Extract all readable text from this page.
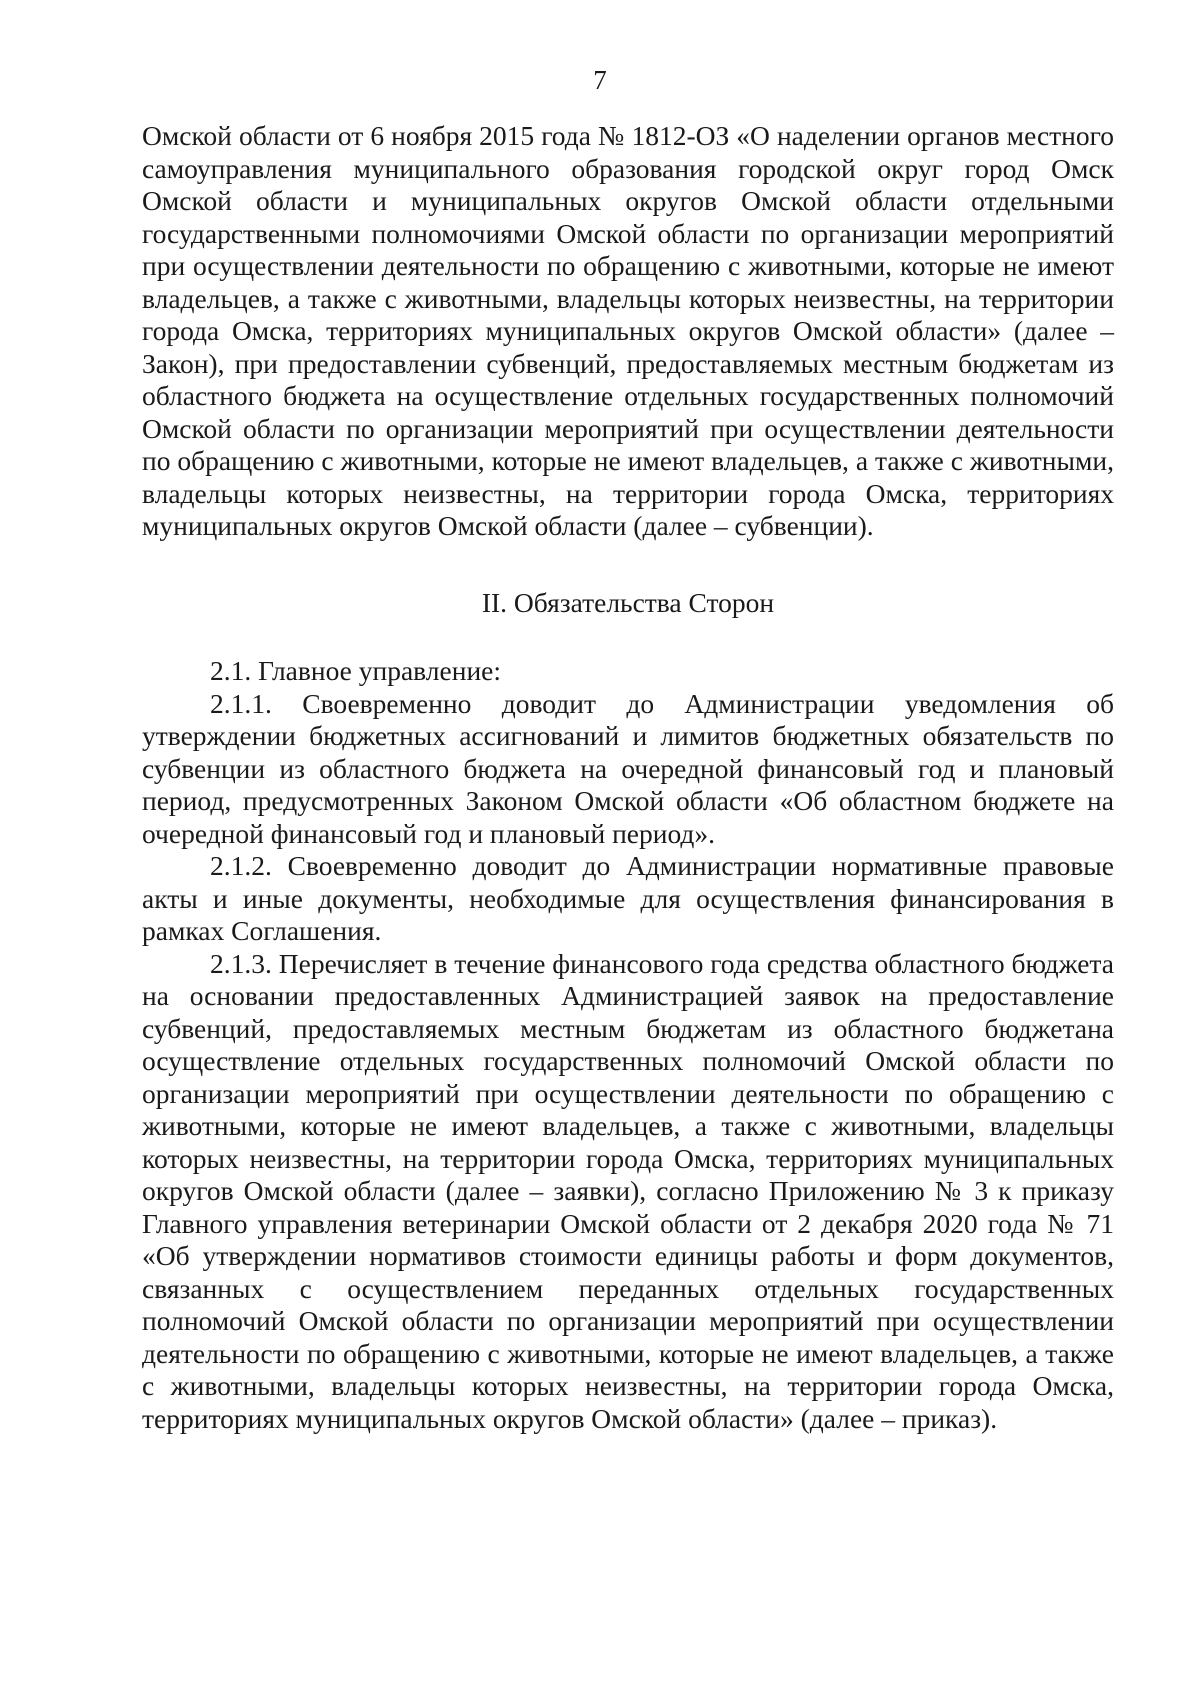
7

Омской области от 6 ноября 2015 года № 1812-ОЗ «О наделении органов местного самоуправления муниципального образования городской округ город Омск Омской области и муниципальных округов Омской области отдельными государственными полномочиями Омской области по организации мероприятий при осуществлении деятельности по обращению с животными, которые не имеют владельцев, а также с животными, владельцы которых неизвестны, на территории города Омска, территориях муниципальных округов Омской области» (далее – Закон), при предоставлении субвенций, предоставляемых местным бюджетам из областного бюджета на осуществление отдельных государственных полномочий Омской области по организации мероприятий при осуществлении деятельности по обращению с животными, которые не имеют владельцев, а также с животными, владельцы которых неизвестны, на территории города Омска, территориях муниципальных округов Омской области (далее – субвенции).

II. Обязательства Сторон

2.1. Главное управление:

2.1.1. Своевременно доводит до Администрации уведомления об утверждении бюджетных ассигнований и лимитов бюджетных обязательств по субвенции из областного бюджета на очередной финансовый год и плановый период, предусмотренных Законом Омской области «Об областном бюджете на очередной финансовый год и плановый период».

2.1.2. Своевременно доводит до Администрации нормативные правовые акты и иные документы, необходимые для осуществления финансирования в рамках Соглашения.

2.1.3. Перечисляет в течение финансового года средства областного бюджета на основании предоставленных Администрацией заявок на предоставление субвенций, предоставляемых местным бюджетам из областного бюджетана осуществление отдельных государственных полномочий Омской области по организации мероприятий при осуществлении деятельности по обращению с животными, которые не имеют владельцев, а также с животными, владельцы которых неизвестны, на территории города Омска, территориях муниципальных округов Омской области (далее – заявки), согласно Приложению № 3 к приказу Главного управления ветеринарии Омской области от 2 декабря 2020 года № 71 «Об утверждении нормативов стоимости единицы работы и форм документов, связанных с осуществлением переданных отдельных государственных полномочий Омской области по организации мероприятий при осуществлении деятельности по обращению с животными, которые не имеют владельцев, а также с животными, владельцы которых неизвестны, на территории города Омска, территориях муниципальных округов Омской области» (далее – приказ).
